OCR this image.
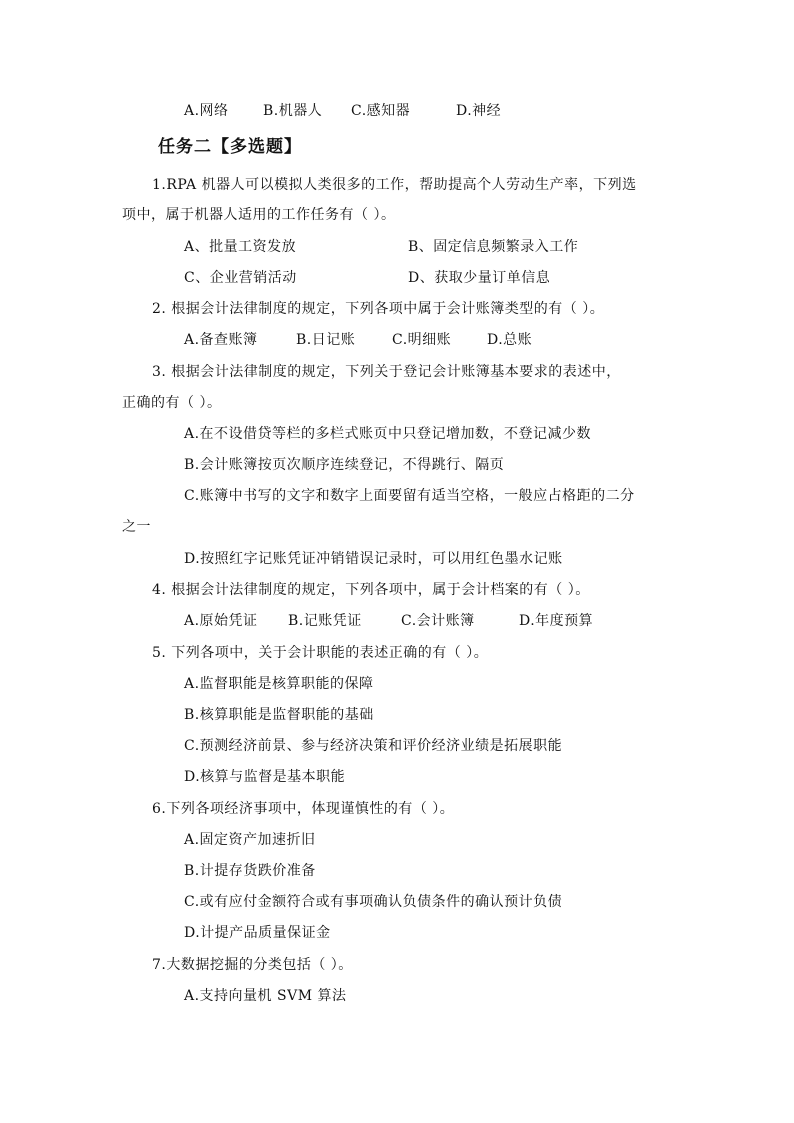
A.网络 B.机器人 C.感知器	D.神经
任务二【多选题】
1.RPA 机器人可以模拟人类很多的工作，帮助提高个人劳动生产率，下列选
项中，属于机器人适用的工作任务有（ ）。
A、批量工资发放	B、固定信息频繁录入工作
C、企业营销活动	D、获取少量订单信息
2. 根据会计法律制度的规定，下列各项中属于会计账簿类型的有（ ）。
A.备查账簿	B.日记账	C.明细账	D.总账
3. 根据会计法律制度的规定，下列关于登记会计账簿基本要求的表述中，
正确的有（ ）。
A.在不设借贷等栏的多栏式账页中只登记增加数，不登记减少数
B.会计账簿按页次顺序连续登记，不得跳行、隔页
C.账簿中书写的文字和数字上面要留有适当空格，一般应占格距的二分
之一
D.按照红字记账凭证冲销错误记录时，可以用红色墨水记账
4. 根据会计法律制度的规定，下列各项中，属于会计档案的有（ ）。
A.原始凭证 B.记账凭证	C.会计账簿	D.年度预算
5. 下列各项中，关于会计职能的表述正确的有（ ）。
A.监督职能是核算职能的保障
B.核算职能是监督职能的基础
C.预测经济前景、参与经济决策和评价经济业绩是拓展职能
D.核算与监督是基本职能
6.下列各项经济事项中，体现谨慎性的有（ ）。
A.固定资产加速折旧
B.计提存货跌价准备
C.或有应付金额符合或有事项确认负债条件的确认预计负债
D.计提产品质量保证金
7.大数据挖掘的分类包括（ ）。
A.支持向量机 SVM 算法
